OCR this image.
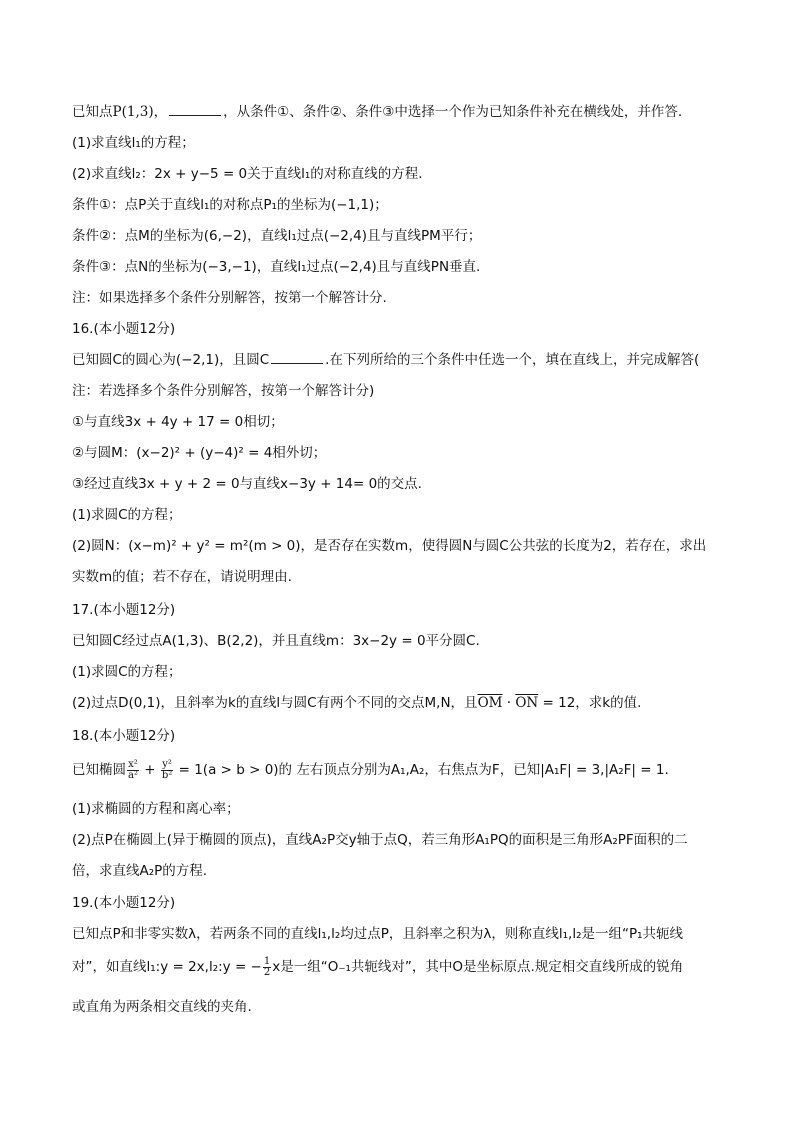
已知点P(1,3)，	，从条件①、条件②、条件③中选择一个作为已知条件补充在横线处，并作答.
(1)求直线l₁的方程；
(2)求直线l₂：2x + y−5 = 0关于直线l₁的对称直线的方程.
条件①：点P关于直线l₁的对称点P₁的坐标为(−1,1)；
条件②：点M的坐标为(6,−2)，直线l₁过点(−2,4)且与直线PM平行；
条件③：点N的坐标为(−3,−1)，直线l₁过点(−2,4)且与直线PN垂直.
注：如果选择多个条件分别解答，按第一个解答计分.
16.(本小题12分)
已知圆C的圆心为(−2,1)，且圆C	.在下列所给的三个条件中任选一个，填在直线上，并完成解答(
注：若选择多个条件分别解答，按第一个解答计分)
①与直线3x + 4y + 17 = 0相切；
②与圆M：(x−2)² + (y−4)² = 4相外切；
③经过直线3x + y + 2 = 0与直线x−3y + 14= 0的交点.
(1)求圆C的方程；
(2)圆N：(x−m)² + y² = m²(m > 0)，是否存在实数m，使得圆N与圆C公共弦的长度为2，若存在，求出
实数m的值；若不存在，请说明理由.
17.(本小题12分)
已知圆C经过点A(1,3)、B(2,2)，并且直线m：3x−2y = 0平分圆C.
(1)求圆C的方程；
(2)过点D(0,1)，且斜率为k的直线l与圆C有两个不同的交点M,N，且$\overline{OM} \cdot \overline{ON} = 12$，求k的值.
18.(本小题12分)
已知椭圆 $\frac{\text{x²}}{\text{a²}} + \frac{\text{y²}}{\text{b²}} = 1(a > b > 0)$的 左右顶点分别为A₁,A₂，右焦点为F，已知|A₁F| = 3,|A₂F| = 1.
(1)求椭圆的方程和离心率；
(2)点P在椭圆上(异于椭圆的顶点)，直线A₂P交y轴于点Q，若三角形A₁PQ的面积是三角形A₂PF面积的二
倍，求直线A₂P的方程.
19.(本小题12分)
已知点P和非零实数λ，若两条不同的直线l₁,l₂均过点P，且斜率之积为λ，则称直线l₁,l₂是一组“P₁共轭线
对”，如直线l₁:y = 2x,l₂:y = − $\frac{1}{2}$ x是一组“O₋₁共轭线对”，其中O是坐标原点.规定相交直线所成的锐角
或直角为两条相交直线的夹角.
